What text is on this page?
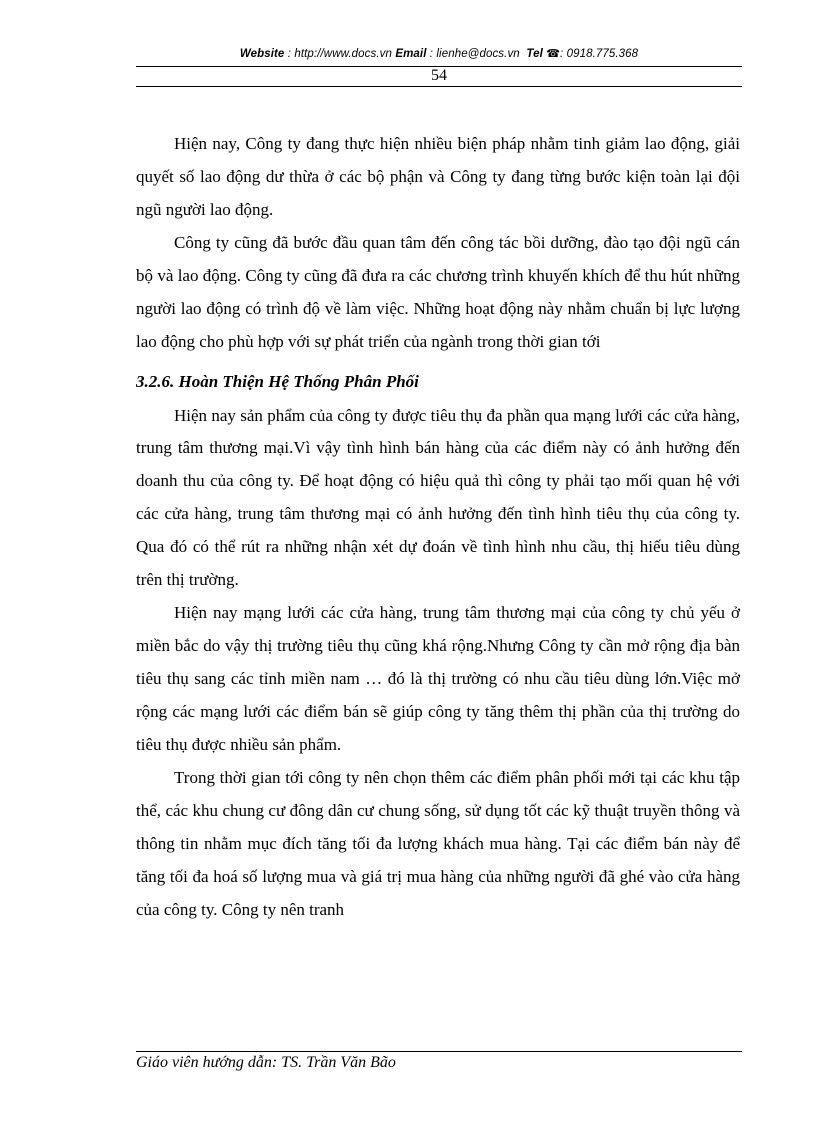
Website : http://www.docs.vn Email : lienhe@docs.vn Tel ☎: 0918.775.368
54

Hiện nay, Công ty đang thực hiện nhiều biện pháp nhằm tinh giảm lao động, giải quyết số lao động dư thừa ở các bộ phận và Công ty đang từng bước kiện toàn lại đội ngũ người lao động.

Công ty cũng đã bước đầu quan tâm đến công tác bồi dưỡng, đào tạo đội ngũ cán bộ và lao động. Công ty cũng đã đưa ra các chương trình khuyến khích để thu hút những người lao động có trình độ về làm việc. Những hoạt động này nhằm chuẩn bị lực lượng lao động cho phù hợp với sự phát triển của ngành trong thời gian tới

3.2.6. Hoàn Thiện Hệ Thống Phân Phối

Hiện nay sản phẩm của công ty được tiêu thụ đa phần qua mạng lưới các cửa hàng, trung tâm thương mại.Vì vậy tình hình bán hàng của các điểm này có ảnh hưởng đến doanh thu của công ty. Để hoạt động có hiệu quả thì công ty phải tạo mối quan hệ với các cửa hàng, trung tâm thương mại có ảnh hưởng đến tình hình tiêu thụ của công ty. Qua đó có thể rút ra những nhận xét dự đoán về tình hình nhu cầu, thị hiếu tiêu dùng trên thị trường.

Hiện nay mạng lưới các cửa hàng, trung tâm thương mại của công ty chủ yếu ở miền bắc do vậy thị trường tiêu thụ cũng khá rộng.Nhưng Công ty cần mở rộng địa bàn tiêu thụ sang các tỉnh miền nam … đó là thị trường có nhu cầu tiêu dùng lớn.Việc mở rộng các mạng lưới các điểm bán sẽ giúp công ty tăng thêm thị phần của thị trường do tiêu thụ được nhiều sản phẩm.

Trong thời gian tới công ty nên chọn thêm các điểm phân phối mới tại các khu tập thể, các khu chung cư đông dân cư chung sống, sử dụng tốt các kỹ thuật truyền thông và thông tin nhằm mục đích tăng tối đa lượng khách mua hàng. Tại các điểm bán này để tăng tối đa hoá số lượng mua và giá trị mua hàng của những người đã ghé vào cửa hàng của công ty. Công ty nên tranh

Giáo viên hướng dẫn: TS. Trần Văn Bão
